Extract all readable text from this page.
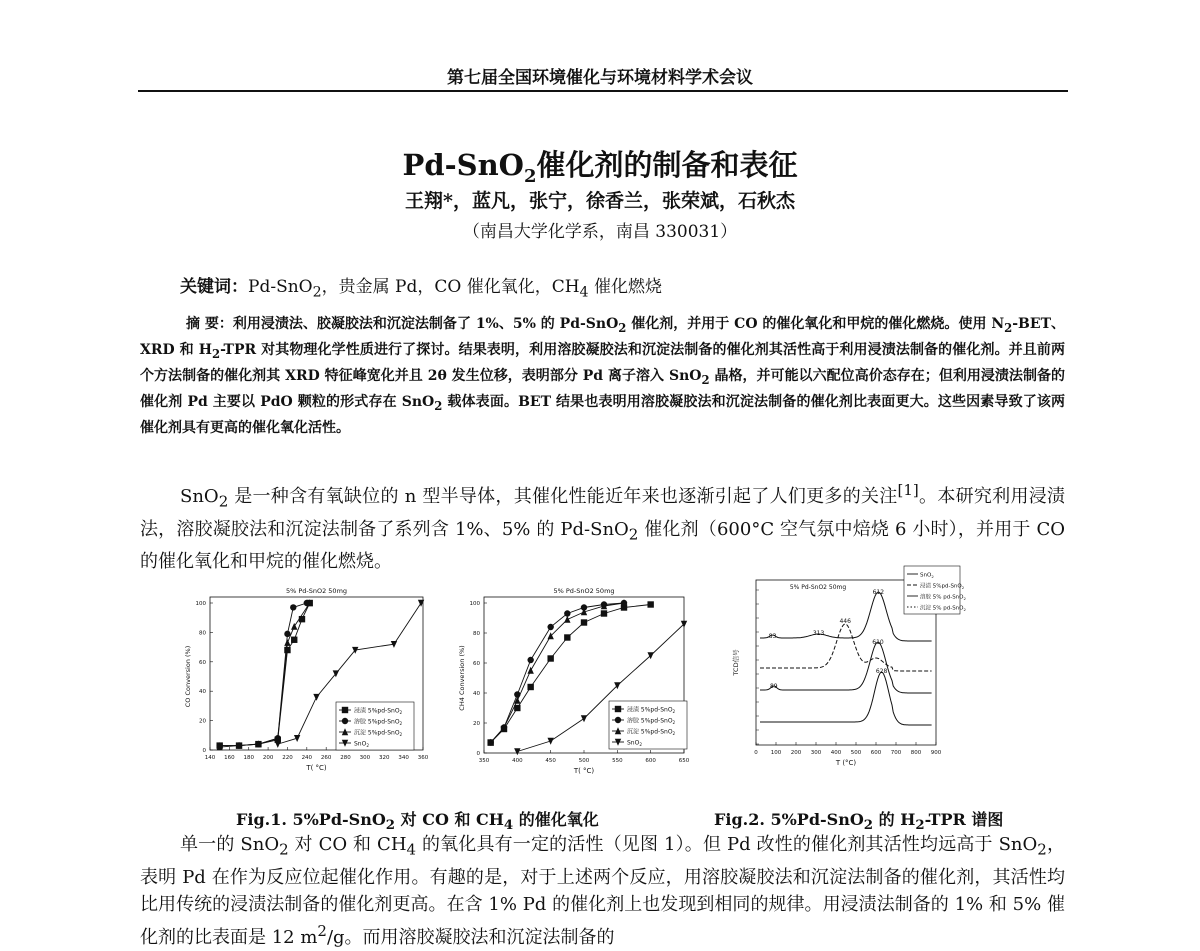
第七届全国环境催化与环境材料学术会议
Pd-SnO$_2$催化剂的制备和表征
王翔*，蓝凡，张宁，徐香兰，张荣斌，石秋杰
（南昌大学化学系，南昌 330031）
关键词：Pd-SnO$_2$，贵金属 Pd，CO 催化氧化，$CH_4$ 催化燃烧
摘 要：利用浸渍法、胶凝胶法和沉淀法制备了 1%、5% 的 Pd-SnO$_2$ 催化剂，并用于 CO 的催化氧化和甲烷的催化燃烧。使用 $N_2$-BET、XRD 和 $H_2$-TPR 对其物理化学性质进行了探讨。结果表明，利用溶胶凝胶法和沉淀法制备的催化剂其活性高于利用浸渍法制备的催化剂。并且前两个方法制备的催化剂其 XRD 特征峰宽化并且 2θ 发生位移，表明部分 Pd 离子溶入 SnO$_2$ 晶格，并可能以六配位高价态存在；但利用浸渍法制备的催化剂 Pd 主要以 PdO 颗粒的形式存在 SnO$_2$ 载体表面。BET 结果也表明用溶胶凝胶法和沉淀法制备的催化剂比表面更大。这些因素导致了该两催化剂具有更高的催化氧化活性。
SnO$_2$ 是一种含有氧缺位的 n 型半导体，其催化性能近年来也逐渐引起了人们更多的关注[1]。本研究利用浸渍法，溶胶凝胶法和沉淀法制备了系列含 1%、5% 的 Pd-SnO$_2$ 催化剂（600°C 空气氛中焙烧 6 小时），并用于 CO 的催化氧化和甲烷的催化燃烧。
5% Pd-SnO2 50mg
140 160 180 200 220 240 260 280 300 320 340 360
0
20
40
60
80
100
T( °C)
CO Conversion (%)
浸渍 5%pd-SnO$_2$
溶胶 5%pd-SnO$_2$
沉淀 5%pd-SnO$_2$
SnO$_2$
5% Pd-SnO2 50mg
350	400	450	500	550	600	650
0
20
40
60
80
100
T( °C)
CH4 Conversion (%)	浸渍 5%pd-SnO$_2$
溶胶 5%pd-SnO$_2$
沉淀 5%pd-SnO$_2$
SnO$_2$
5% Pd-SnO2 50mg
0 100 200 300 400 500 600 700 800 900
T (°C)
TCD信号
612
83	313
446
610
89
628
SnO$_2$
浸渍 5%pd-SnO$_2$
溶胶 5% pd-SnO$_2$
沉淀 5% pd-SnO$_2$
Fig.1. 5%Pd-SnO$_2$ 对 CO 和 $CH_4$ 的催化氧化	Fig.2. 5%Pd-SnO$_2$ 的 $H_2$-TPR 谱图
单一的 SnO$_2$ 对 CO 和 $CH_4$ 的氧化具有一定的活性（见图 1）。但 Pd 改性的催化剂其活性均远高于 SnO$_2$，表明 Pd 在作为反应位起催化作用。有趣的是，对于上述两个反应，用溶胶凝胶法和沉淀法制备的催化剂，其活性均比用传统的浸渍法制备的催化剂更高。在含 1% Pd 的催化剂上也发现到相同的规律。用浸渍法制备的 1% 和 5% 催化剂的比表面是 12 $m^2/g$。而用溶胶凝胶法和沉淀法制备的
